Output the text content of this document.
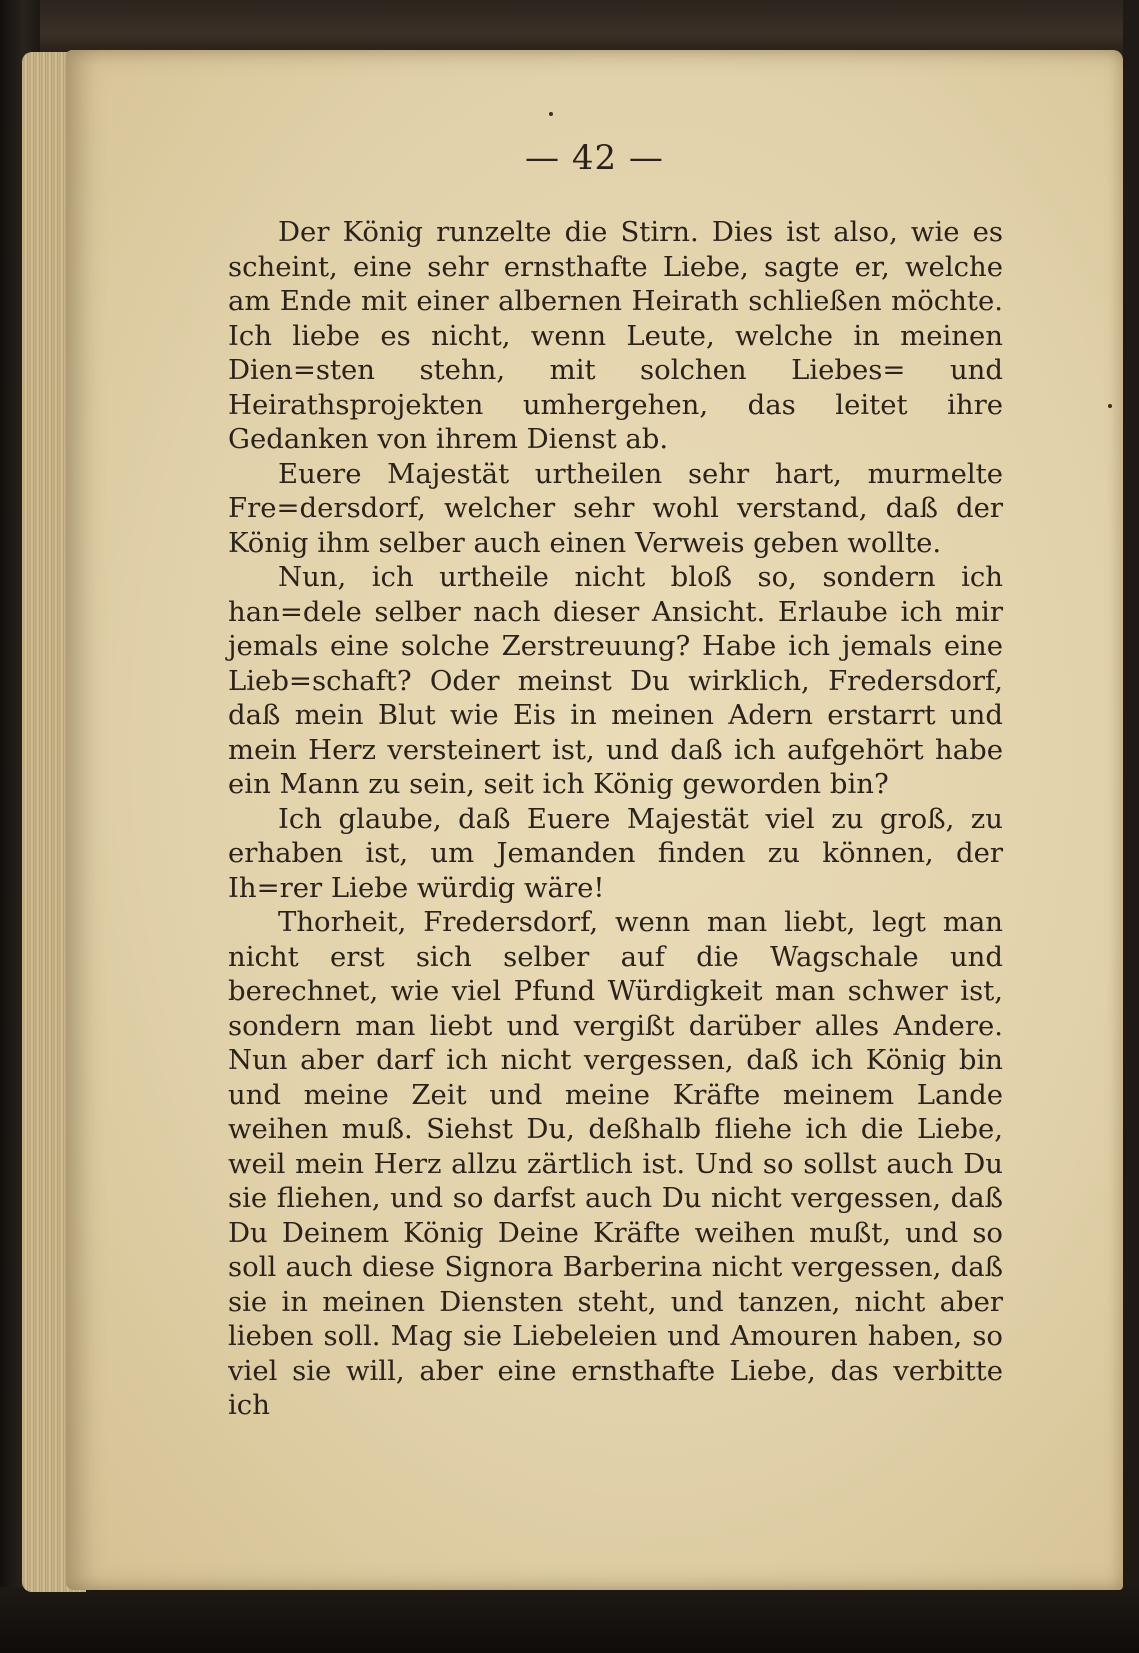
— 42 —

Der König runzelte die Stirn. Dies ist also, wie es scheint, eine sehr ernsthafte Liebe, sagte er, welche am Ende mit einer albernen Heirath schließen möchte. Ich liebe es nicht, wenn Leute, welche in meinen Dien=sten stehn, mit solchen Liebes= und Heirathsprojekten umhergehen, das leitet ihre Gedanken von ihrem Dienst ab.

Euere Majestät urtheilen sehr hart, murmelte Fre=dersdorf, welcher sehr wohl verstand, daß der König ihm selber auch einen Verweis geben wollte.

Nun, ich urtheile nicht bloß so, sondern ich han=dele selber nach dieser Ansicht. Erlaube ich mir jemals eine solche Zerstreuung? Habe ich jemals eine Lieb=schaft? Oder meinst Du wirklich, Fredersdorf, daß mein Blut wie Eis in meinen Adern erstarrt und mein Herz versteinert ist, und daß ich aufgehört habe ein Mann zu sein, seit ich König geworden bin?

Ich glaube, daß Euere Majestät viel zu groß, zu erhaben ist, um Jemanden finden zu können, der Ih=rer Liebe würdig wäre!

Thorheit, Fredersdorf, wenn man liebt, legt man nicht erst sich selber auf die Wagschale und berechnet, wie viel Pfund Würdigkeit man schwer ist, sondern man liebt und vergißt darüber alles Andere. Nun aber darf ich nicht vergessen, daß ich König bin und meine Zeit und meine Kräfte meinem Lande weihen muß. Siehst Du, deßhalb fliehe ich die Liebe, weil mein Herz allzu zärtlich ist. Und so sollst auch Du sie fliehen, und so darfst auch Du nicht vergessen, daß Du Deinem König Deine Kräfte weihen mußt, und so soll auch diese Signora Barberina nicht vergessen, daß sie in meinen Diensten steht, und tanzen, nicht aber lieben soll. Mag sie Liebeleien und Amouren haben, so viel sie will, aber eine ernsthafte Liebe, das verbitte ich
